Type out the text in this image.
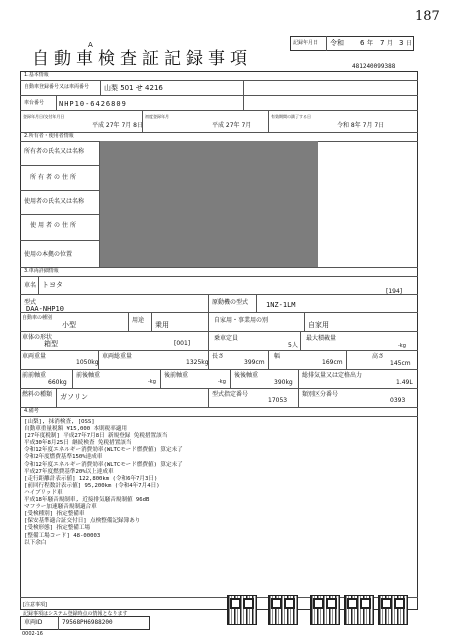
187
記録年月日 令和 6 年 7 月 3 日
A
自動車検査証記録事項	481240099388
1.基本情報
自動車登録番号又は車両番号 山梨 501 せ 4216
車台番号 NHP10-6426809
登録年月日/交付年月日
平成 27年 7月 8日
初度登録年月
平成 27年 7月
有効期間の満了する日
令和 8年 7月 7日
2.所有者・使用者情報
所有者の氏名又は名称
所有者の住所
使用者の氏名又は名称
使用者の住所
使用の本拠の位置
3.車両詳細情報
車名 トヨタ
[194]
型式
DAA-NHP10
原動機の型式	1NZ-1LM
自動車の種別
小型
用途
乗用
自家用・事業用の別
自家用
車体の形状
箱型	[001]
乗車定員
5人
最大積載量
-kg
車両重量
1050kg
車両総重量
1325kg
長さ
399cm
幅
169cm
高さ
145cm
前前軸重
660kg
前後軸重
-kg
後前軸重
-kg
後後軸重
390kg
総排気量又は定格出力
1.49L
燃料の種類 ガソリン	型式指定番号
17053
類別区分番号
0393
4.備考
[山梨], 抹消検査, [OSS]
自動車重量税額 ¥15,000 本則税率適用
[27年度税制] 平成27年7月8日 新規登録 免税措置該当
平成30年8月25日 継続検査 免税措置該当
令和12年度エネルギー消費効率(WLTCモード燃費値) 算定未了
令和2年度燃費基準150%達成車
令和12年度エネルギー消費効率(WLTCモード燃費値) 算定未了
平成27年度燃費基準20%以上達成車
[走行距離計表示値] 122,800km (令和6年7月3日)
[前回行程数計表示値] 95,200km (令和4年7月4日)
ハイブリッド車
平成18年騒音規制車, 近接排気騒音規制値 96dB
マフラー加速騒音規制適合車
[受検種別] 指定整備車
[保安基準適合証交付日] 点検整備記録簿あり
[受検形態] 指定整備工場
[整備工場コード] 48-00003
以下余白
[注意事項]
記録事項はシステム登録時点の情報となります
車両ID	79568PH6988200
0002-16
